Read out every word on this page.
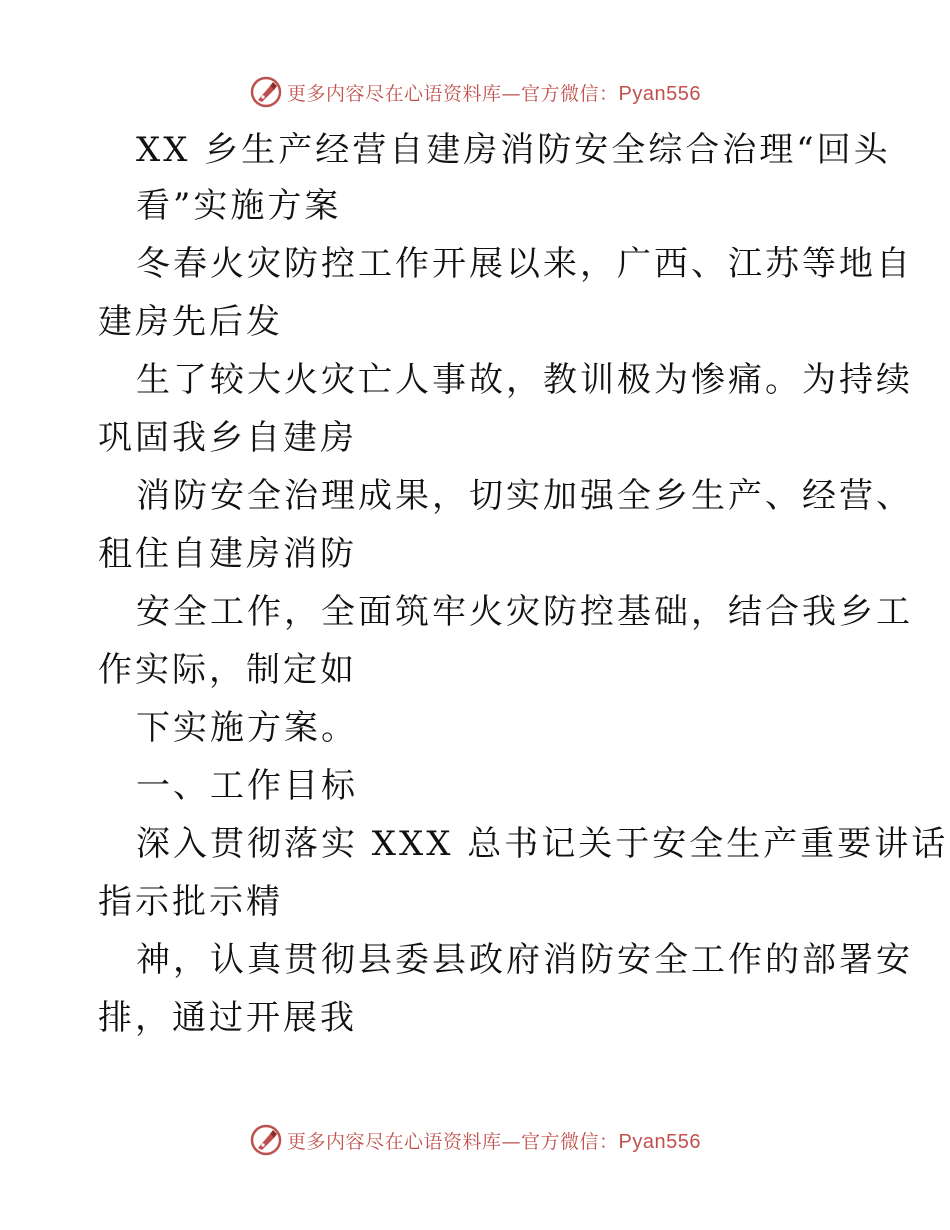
更多内容尽在心语资料库—官方微信：Pyan556
XX 乡生产经营自建房消防安全综合治理“回头
看”实施方案
冬春火灾防控工作开展以来，广西、江苏等地自
建房先后发
生了较大火灾亡人事故，教训极为惨痛。为持续
巩固我乡自建房
消防安全治理成果，切实加强全乡生产、经营、
租住自建房消防
安全工作，全面筑牢火灾防控基础，结合我乡工
作实际，制定如
下实施方案。
一、工作目标
深入贯彻落实 XXX 总书记关于安全生产重要讲话
指示批示精
神，认真贯彻县委县政府消防安全工作的部署安
排，通过开展我
更多内容尽在心语资料库—官方微信：Pyan556
